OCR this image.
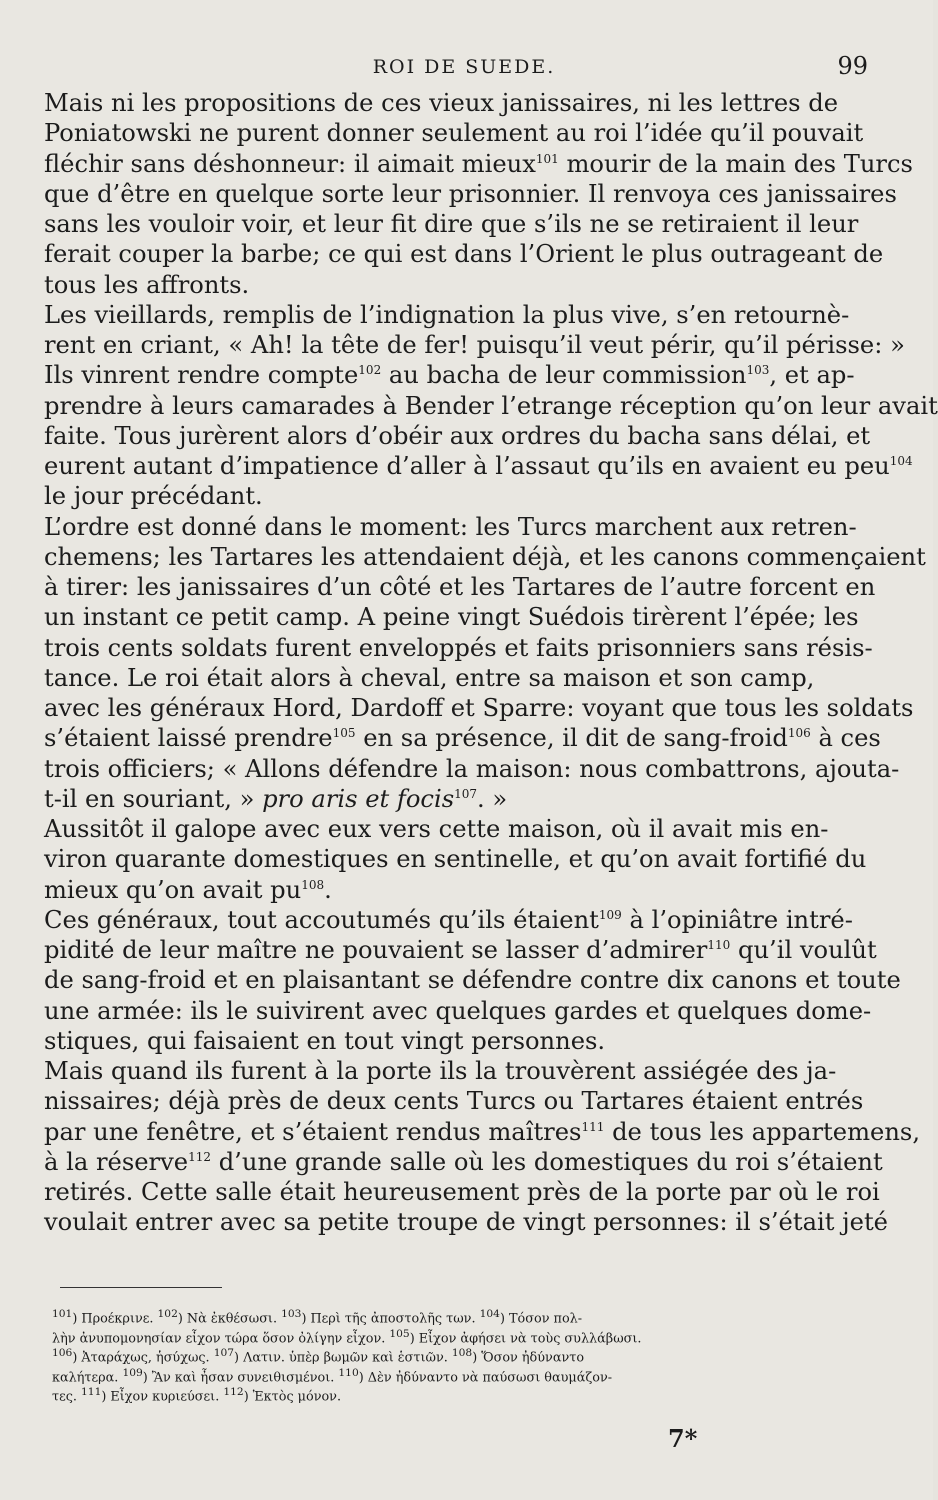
ROI DE SUEDE.	99
Mais ni les propositions de ces vieux janissaires, ni les lettres de
Poniatowski ne purent donner seulement au roi l’idée qu’il pouvait
fléchir sans déshonneur: il aimait mieux$^{101}$ mourir de la main des Turcs
que d’être en quelque sorte leur prisonnier. Il renvoya ces janissaires
sans les vouloir voir, et leur fit dire que s’ils ne se retiraient il leur
ferait couper la barbe; ce qui est dans l’Orient le plus outrageant de
tous les affronts.
Les vieillards, remplis de l’indignation la plus vive, s’en retournè-
rent en criant, « Ah! la tête de fer! puisqu’il veut périr, qu’il périsse: »
Ils vinrent rendre compte$^{102}$ au bacha de leur commission$^{103}$, et ap-
prendre à leurs camarades à Bender l’etrange réception qu’on leur avait
faite. Tous jurèrent alors d’obéir aux ordres du bacha sans délai, et
eurent autant d’impatience d’aller à l’assaut qu’ils en avaient eu peu$^{104}$
le jour précédant.
L’ordre est donné dans le moment: les Turcs marchent aux retren-
chemens; les Tartares les attendaient déjà, et les canons commençaient
à tirer: les janissaires d’un côté et les Tartares de l’autre forcent en
un instant ce petit camp. A peine vingt Suédois tirèrent l’épée; les
trois cents soldats furent enveloppés et faits prisonniers sans résis-
tance. Le roi était alors à cheval, entre sa maison et son camp,
avec les généraux Hord, Dardoff et Sparre: voyant que tous les soldats
s’étaient laissé prendre$^{105}$ en sa présence, il dit de sang-froid$^{106}$ à ces
trois officiers; « Allons défendre la maison: nous combattrons, ajouta-
t-il en souriant, » pro aris et focis$^{107}$. »
Aussitôt il galope avec eux vers cette maison, où il avait mis en-
viron quarante domestiques en sentinelle, et qu’on avait fortifié du
mieux qu’on avait $pu^{108}$.
Ces généraux, tout accoutumés qu’ils étaient$^{109}$ à l’opiniâtre intré-
pidité de leur maître ne pouvaient se lasser d’admirer$^{110}$ qu’il voulût
de sang-froid et en plaisantant se défendre contre dix canons et toute
une armée: ils le suivirent avec quelques gardes et quelques dome-
stiques, qui faisaient en tout vingt personnes.
Mais quand ils furent à la porte ils la trouvèrent assiégée des ja-
nissaires; déjà près de deux cents Turcs ou Tartares étaient entrés
par une fenêtre, et s’étaient rendus maîtres$^{111}$ de tous les appartemens,
à la réserve$^{112}$ d’une grande salle où les domestiques du roi s’étaient
retirés. Cette salle était heureusement près de la porte par où le roi
voulait entrer avec sa petite troupe de vingt personnes: il s’était jeté
$^{101}$) Προέκρινε. $^{102}$) Νὰ ἐκθέσωσι. $^{103}$) Περὶ τῆς ἀποστολῆς των. $^{104}$) Τόσον πολ-
λὴν ἀνυπομονησίαν εἶχον τώρα ὅσον ὀλίγην εἶχον. $^{105}$) Εἶχον ἀφήσει νὰ τοὺς συλλάβωσι.
$^{106}$) Ἀταράχως, ἡσύχως. $^{107}$) Λατιν. ὑπὲρ βωμῶν καὶ ἑστιῶν. $^{108}$) Ὅσον ἠδύναντο
καλήτερα. $^{109}$) Ἂν καὶ ἦσαν συνειθισμένοι. $^{110}$) Δὲν ἠδύναντο νὰ παύσωσι θαυμάζον-
τες. $^{111}$) Εἶχον κυριεύσει. $^{112}$) Ἐκτὸς μόνον.
7*
